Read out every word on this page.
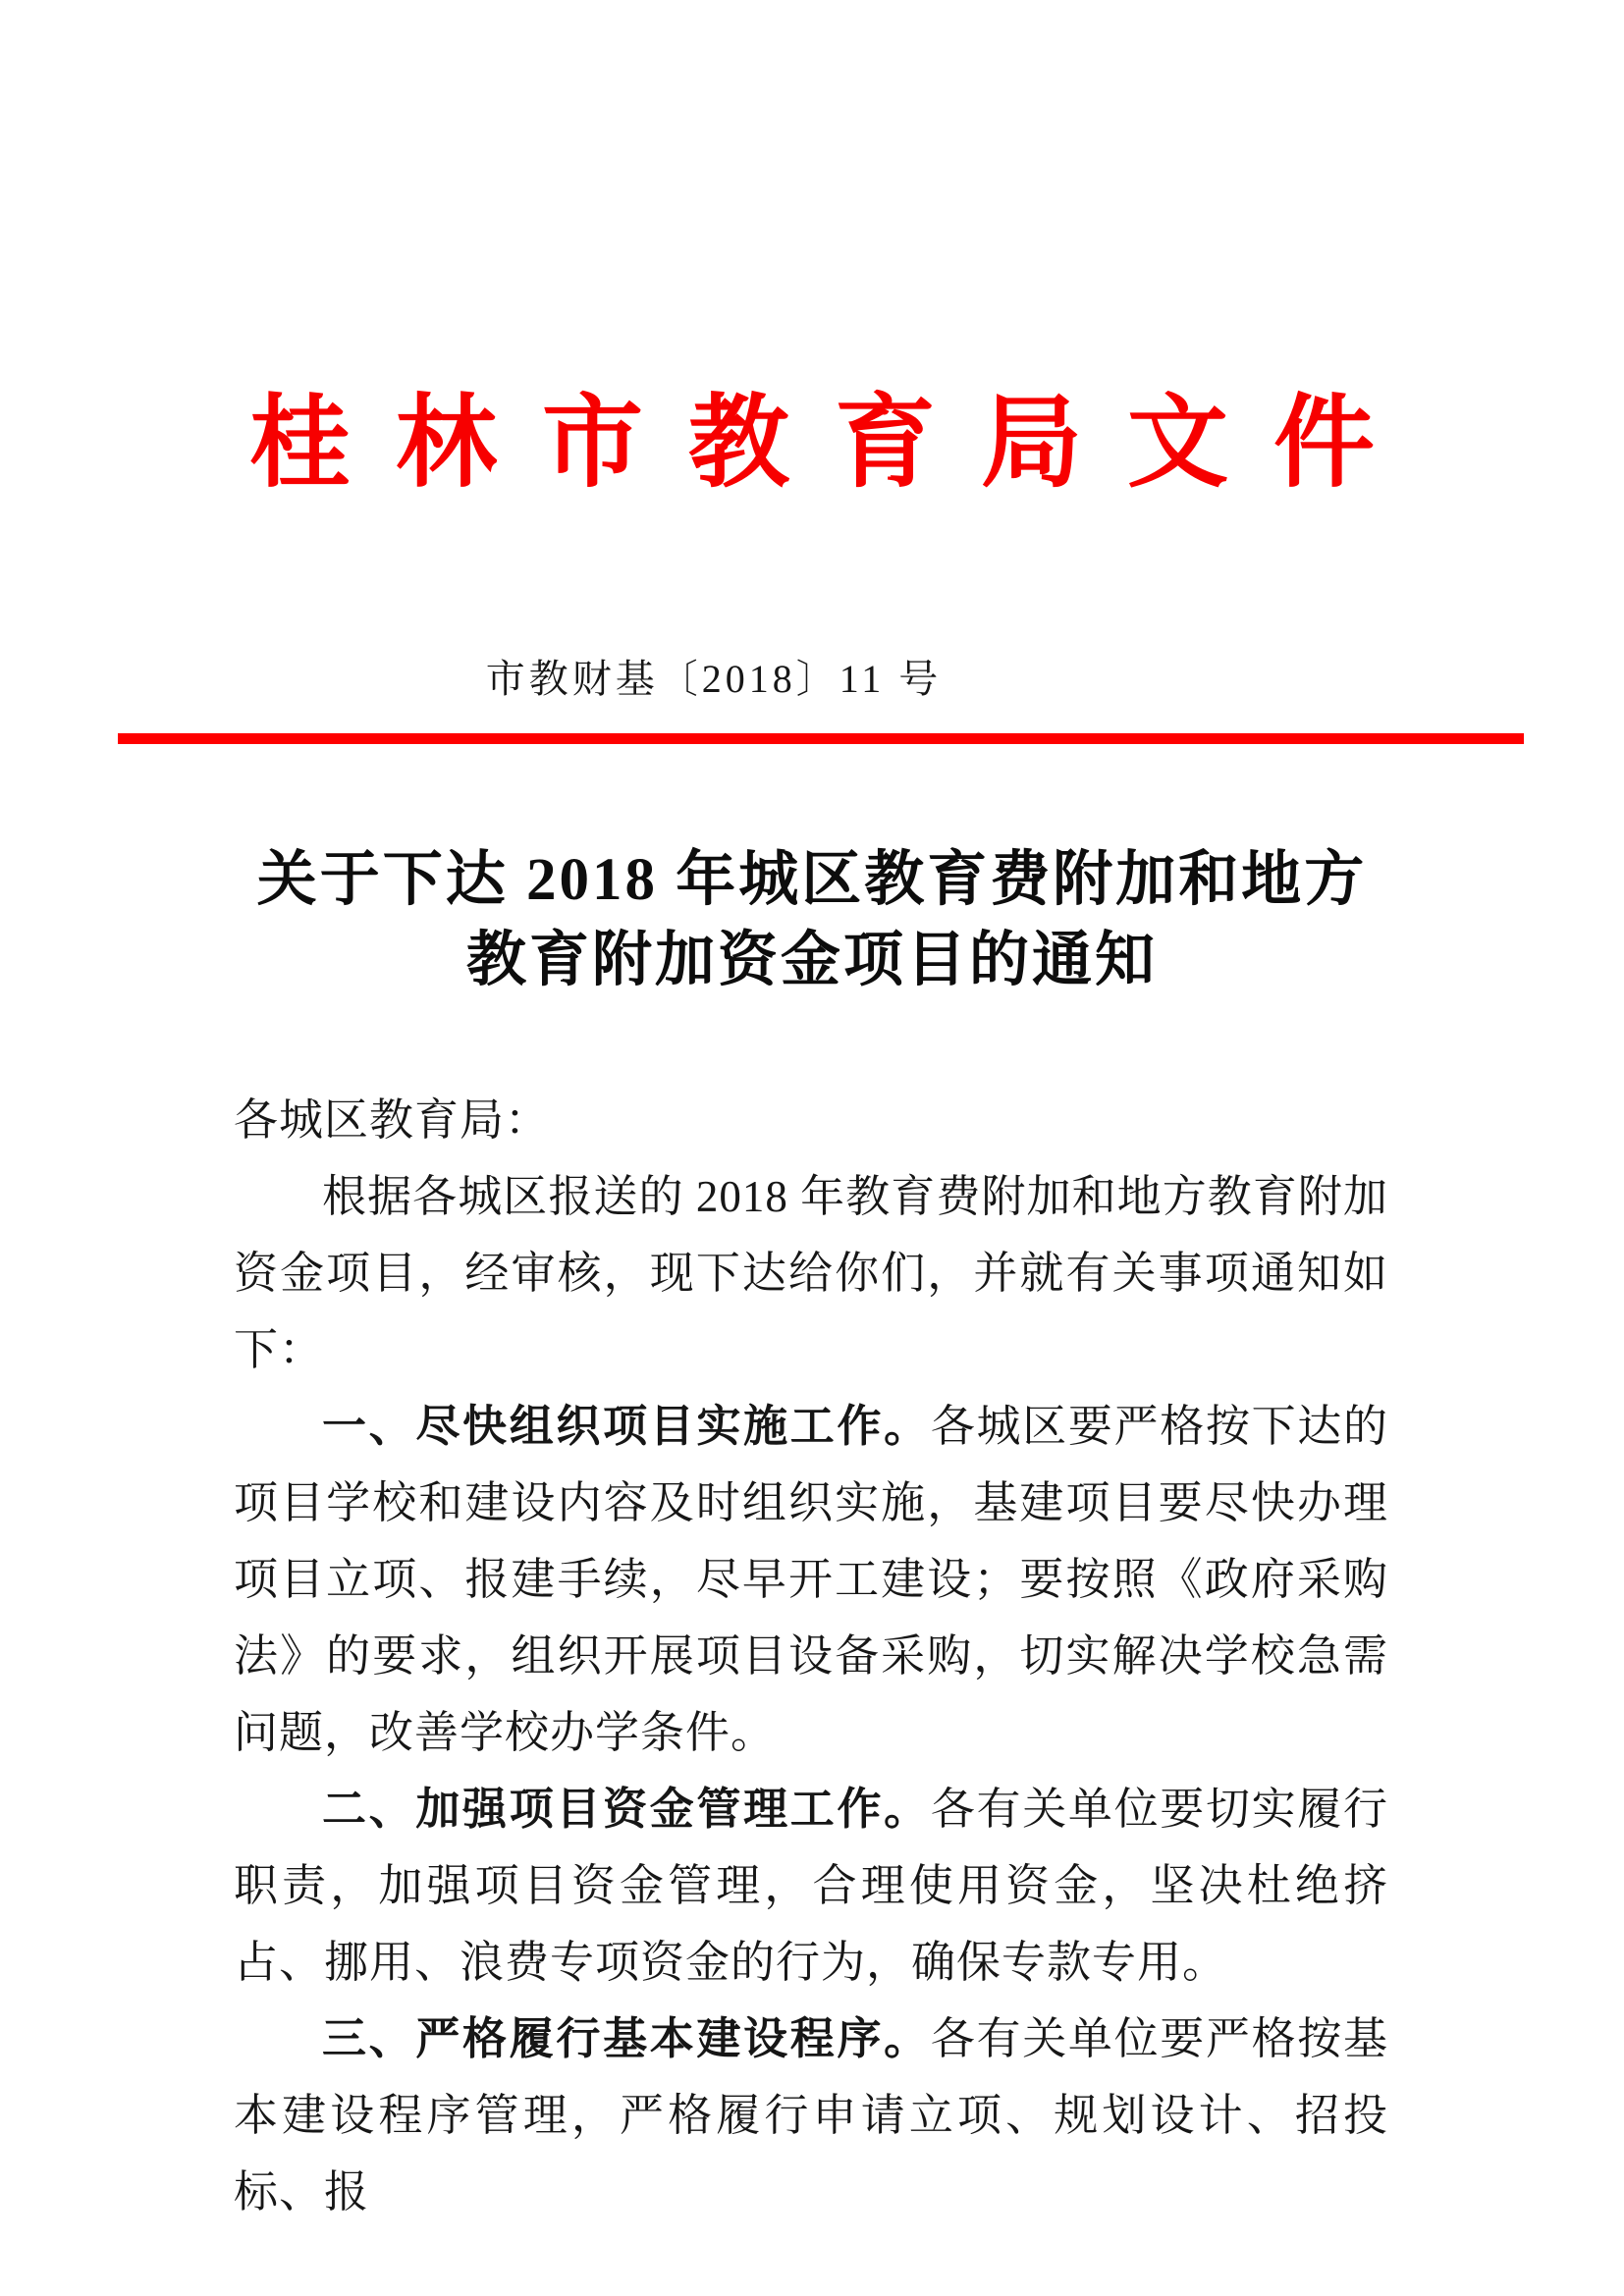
桂林市教育局文件
市教财基〔2018〕11 号
关于下达 2018 年城区教育费附加和地方
教育附加资金项目的通知

各城区教育局：

根据各城区报送的 2018 年教育费附加和地方教育附加资金项目，经审核，现下达给你们，并就有关事项通知如下：

一、尽快组织项目实施工作。各城区要严格按下达的项目学校和建设内容及时组织实施，基建项目要尽快办理项目立项、报建手续，尽早开工建设；要按照《政府采购法》的要求，组织开展项目设备采购，切实解决学校急需问题，改善学校办学条件。

二、加强项目资金管理工作。各有关单位要切实履行职责，加强项目资金管理，合理使用资金，坚决杜绝挤占、挪用、浪费专项资金的行为，确保专款专用。

三、严格履行基本建设程序。各有关单位要严格按基本建设程序管理，严格履行申请立项、规划设计、招投标、报
